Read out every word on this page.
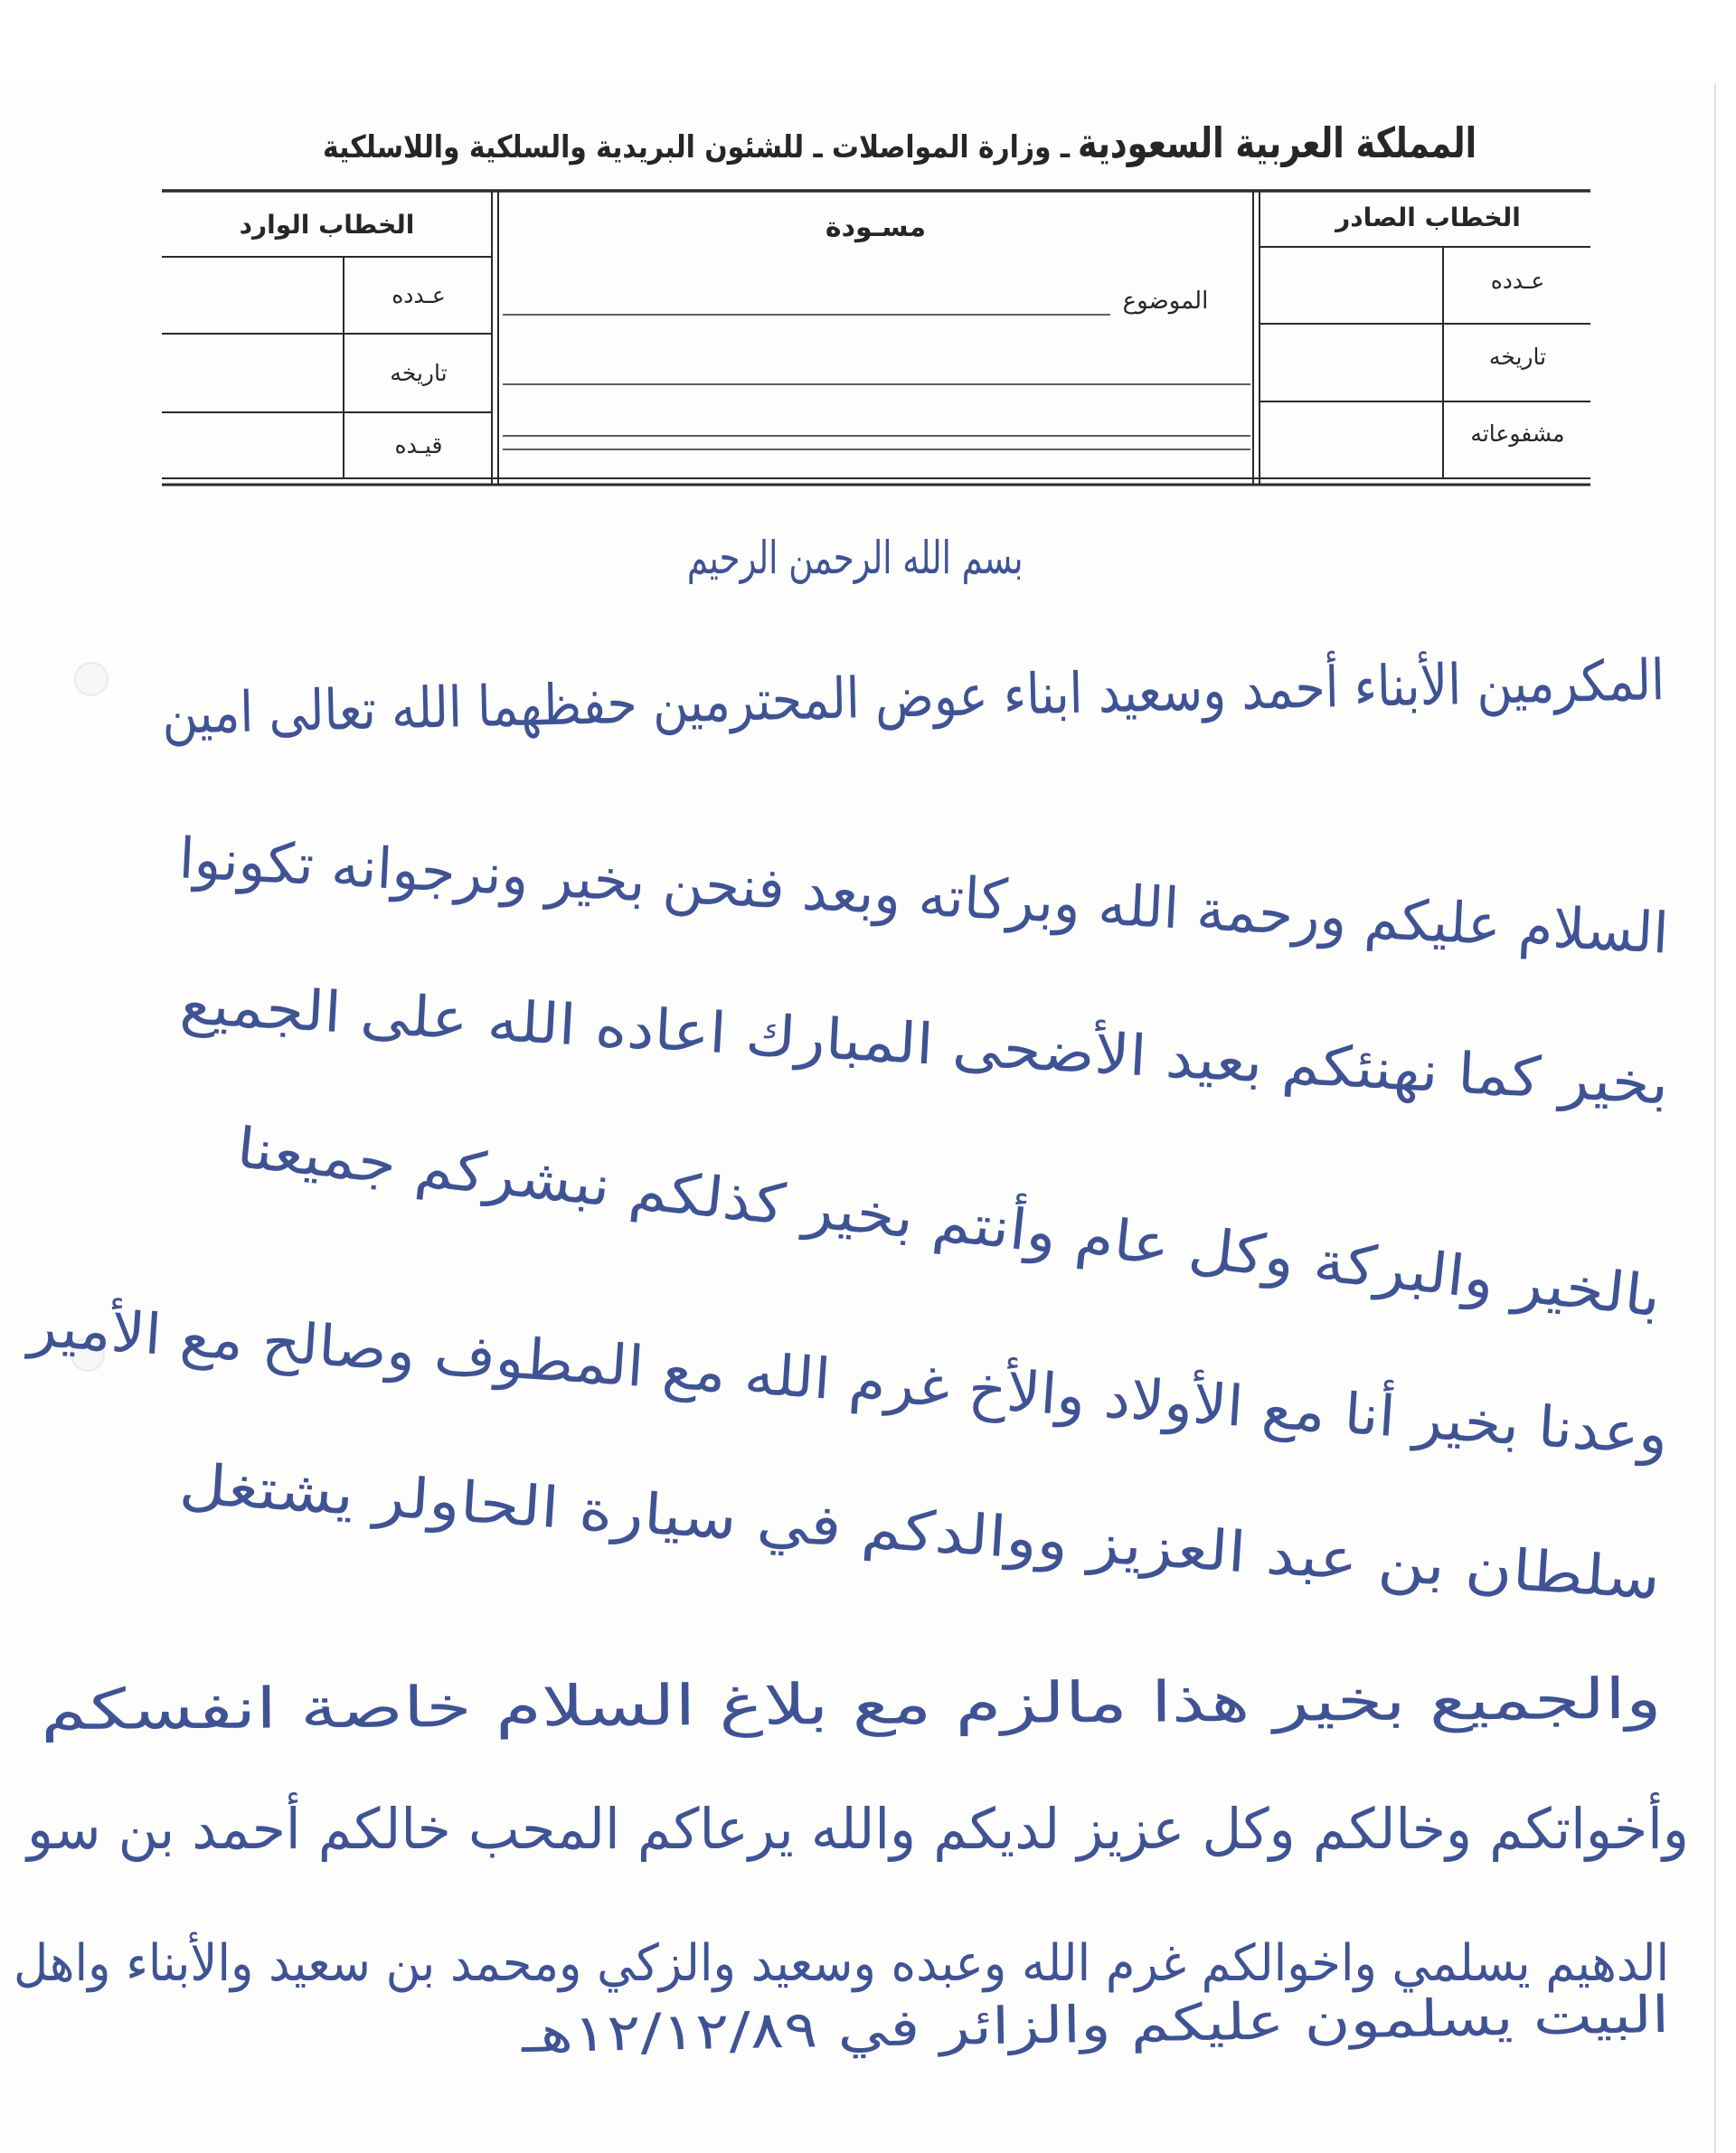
المملكة العربية السعودية
ـ وزارة المواصلات ـ للشئون البريدية والسلكية واللاسلكية
الخطاب الصادر
عـدده
تاريخه
مشفوعاته
مسـودة
الموضوع
الخطاب الوارد
عـدده
تاريخه
قيـده
بسم الله الرحمن الرحيم
المكرمين الأبناء أحمد وسعيد ابناء عوض المحترمين حفظهما الله تعالى امين
السلام عليكم ورحمة الله وبركاته وبعد فنحن بخير ونرجوانه تكونوا
بخير كما نهنئكم بعيد الأضحى المبارك اعاده الله على الجميع
بالخير والبركة وكل عام وأنتم بخير كذلكم نبشركم جميعنا
وعدنا بخير أنا مع الأولاد والأخ غرم الله مع المطوف وصالح مع الأمير
سلطان بن عبد العزيز ووالدكم في سيارة الحاولر يشتغل
والجميع بخير هذا مالزم مع بلاغ السلام خاصة انفسكم
وأخواتكم وخالكم وكل عزيز لديكم والله يرعاكم المحب خالكم أحمد بن سو
الدهيم يسلمي واخوالكم غرم الله وعبده وسعيد والزكي ومحمد بن سعيد والأبناء واهل
البيت يسلمون عليكم والزائر في ١٢/١٢/٨٩هـ
